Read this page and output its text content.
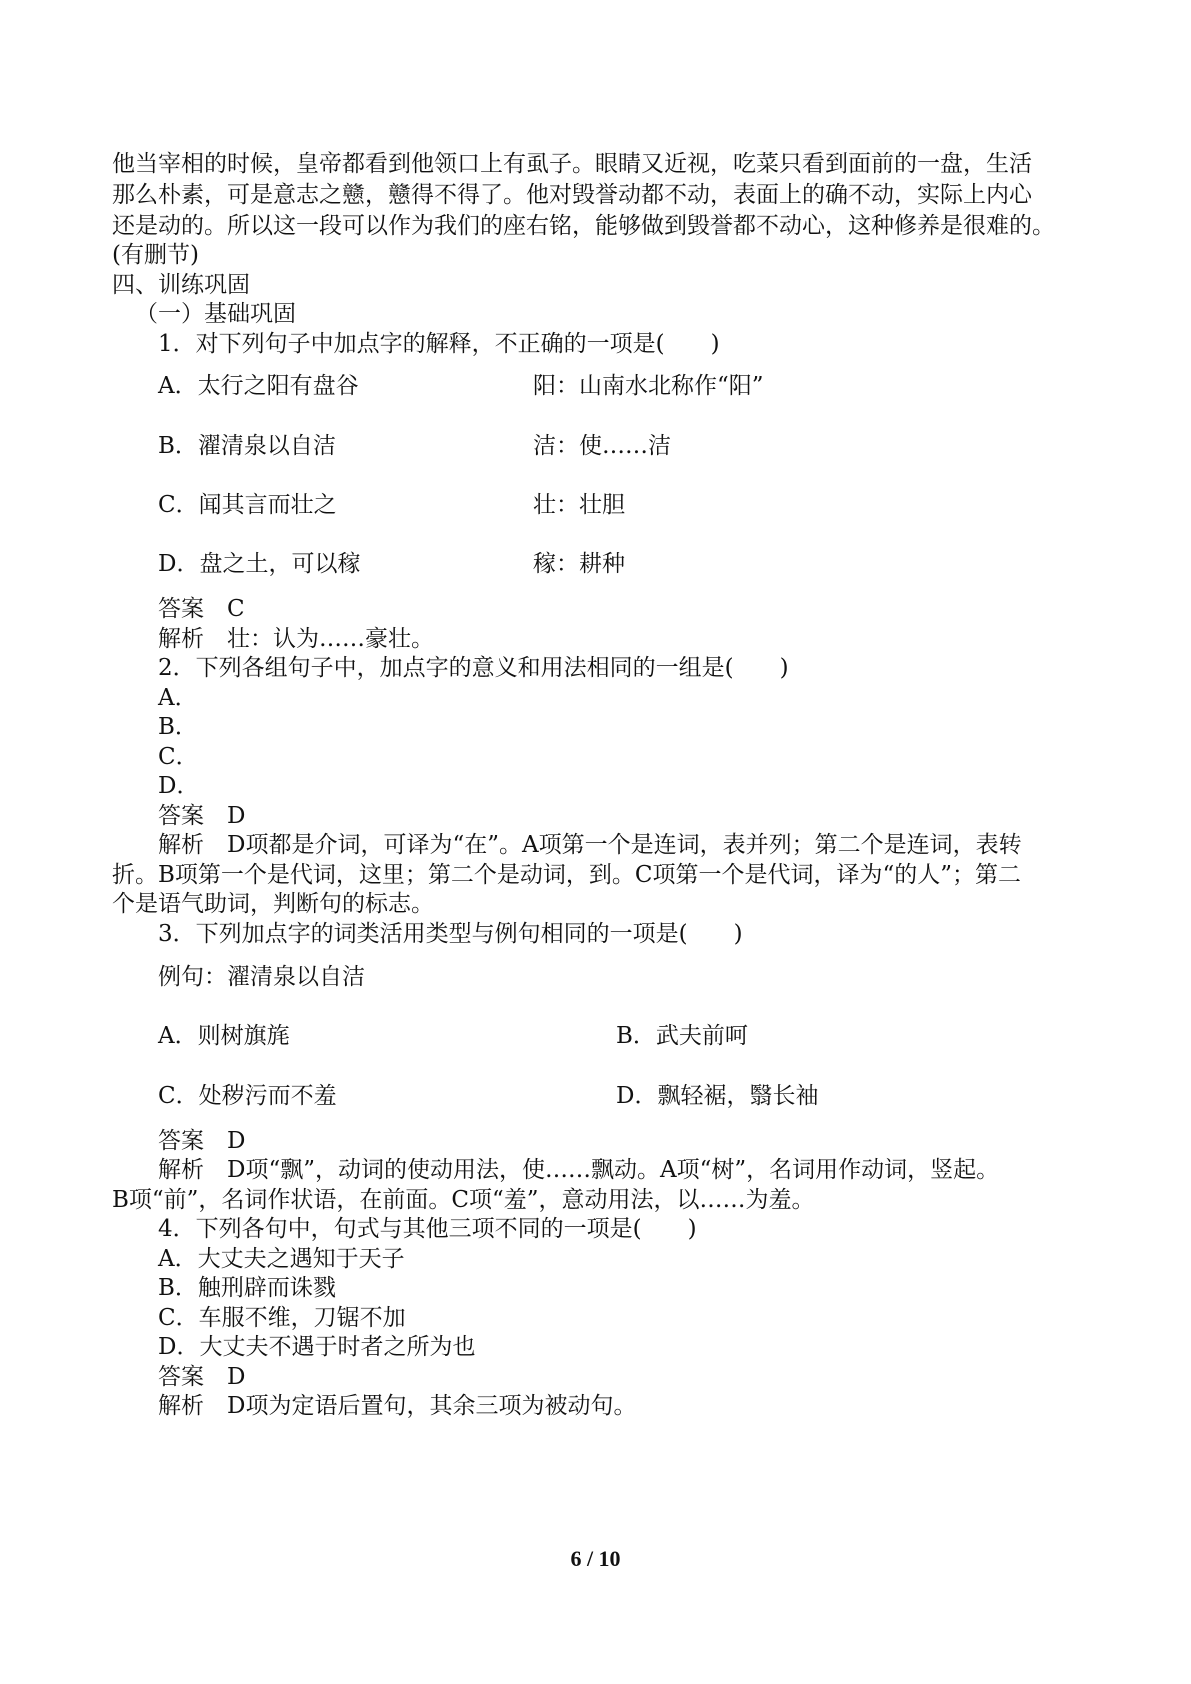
他当宰相的时候，皇帝都看到他领口上有虱子。眼睛又近视，吃菜只看到面前的一盘，生活
那么朴素，可是意志之戆，戆得不得了。他对毁誉动都不动，表面上的确不动，实际上内心
还是动的。所以这一段可以作为我们的座右铭，能够做到毁誉都不动心，这种修养是很难的。
(有删节)
四、训练巩固
（一）基础巩固
1．对下列句子中加点字的解释，不正确的一项是(　　)
A．太行之阳有盘谷	阳：山南水北称作“阳”
B．濯清泉以自洁	洁：使……洁
C．闻其言而壮之	壮：壮胆
D．盘之土，可以稼	稼：耕种
答案　C
解析　壮：认为……豪壮。
2．下列各组句子中，加点字的意义和用法相同的一组是(　　)
A．
B．
C．
D．
答案　D
解析　D项都是介词，可译为“在”。A项第一个是连词，表并列；第二个是连词，表转
折。B项第一个是代词，这里；第二个是动词，到。C项第一个是代词，译为“的人”；第二
个是语气助词，判断句的标志。
3．下列加点字的词类活用类型与例句相同的一项是(　　)
例句：濯清泉以自洁
A．则树旗旄	B．武夫前呵
C．处秽污而不羞	D．飘轻裾，翳长袖
答案　D
解析　D项“飘”，动词的使动用法，使……飘动。A项“树”，名词用作动词，竖起。
B项“前”，名词作状语，在前面。C项“羞”，意动用法，以……为羞。
4．下列各句中，句式与其他三项不同的一项是(　　)
A．大丈夫之遇知于天子
B．触刑辟而诛戮
C．车服不维，刀锯不加
D．大丈夫不遇于时者之所为也
答案　D
解析　D项为定语后置句，其余三项为被动句。
6 / 10
